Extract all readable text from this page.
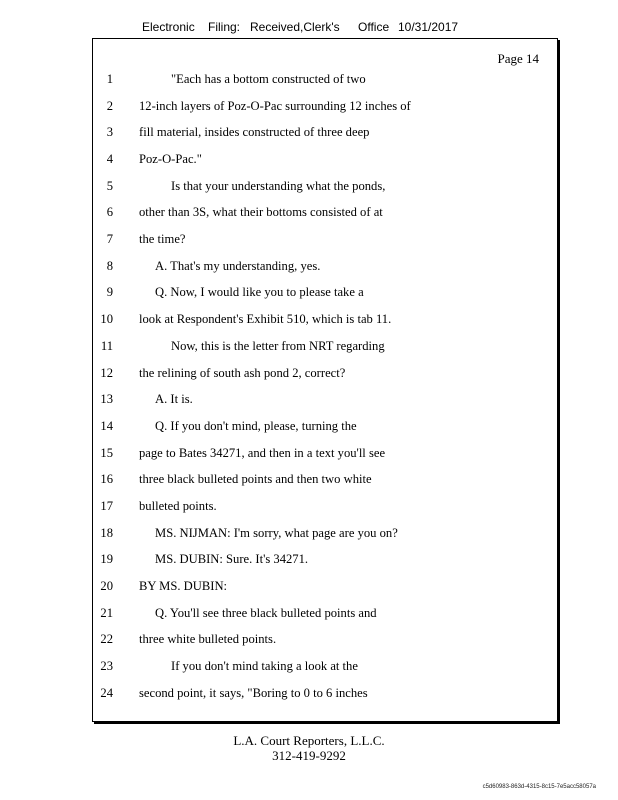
Electronic Filing: Received,Clerk's Office 10/31/2017
Page 14
1	"Each has a bottom constructed of two
2 12-inch layers of Poz-O-Pac surrounding 12 inches of
3 fill material, insides constructed of three deep
4 Poz-O-Pac."
5	Is that your understanding what the ponds,
6 other than 3S, what their bottoms consisted of at
7 the time?
8	A. That's my understanding, yes.
9	Q. Now, I would like you to please take a
10 look at Respondent's Exhibit 510, which is tab 11.
11	Now, this is the letter from NRT regarding
12 the relining of south ash pond 2, correct?
13	A. It is.
14	Q. If you don't mind, please, turning the
15 page to Bates 34271, and then in a text you'll see
16 three black bulleted points and then two white
17 bulleted points.
18	MS. NIJMAN: I'm sorry, what page are you on?
19	MS. DUBIN: Sure. It's 34271.
20 BY MS. DUBIN:
21	Q. You'll see three black bulleted points and
22 three white bulleted points.
23	If you don't mind taking a look at the
24 second point, it says, "Boring to 0 to 6 inches
L.A. Court Reporters, L.L.C.
312-419-9292
c5d60983-863d-4315-8c15-7e5acc58057a
